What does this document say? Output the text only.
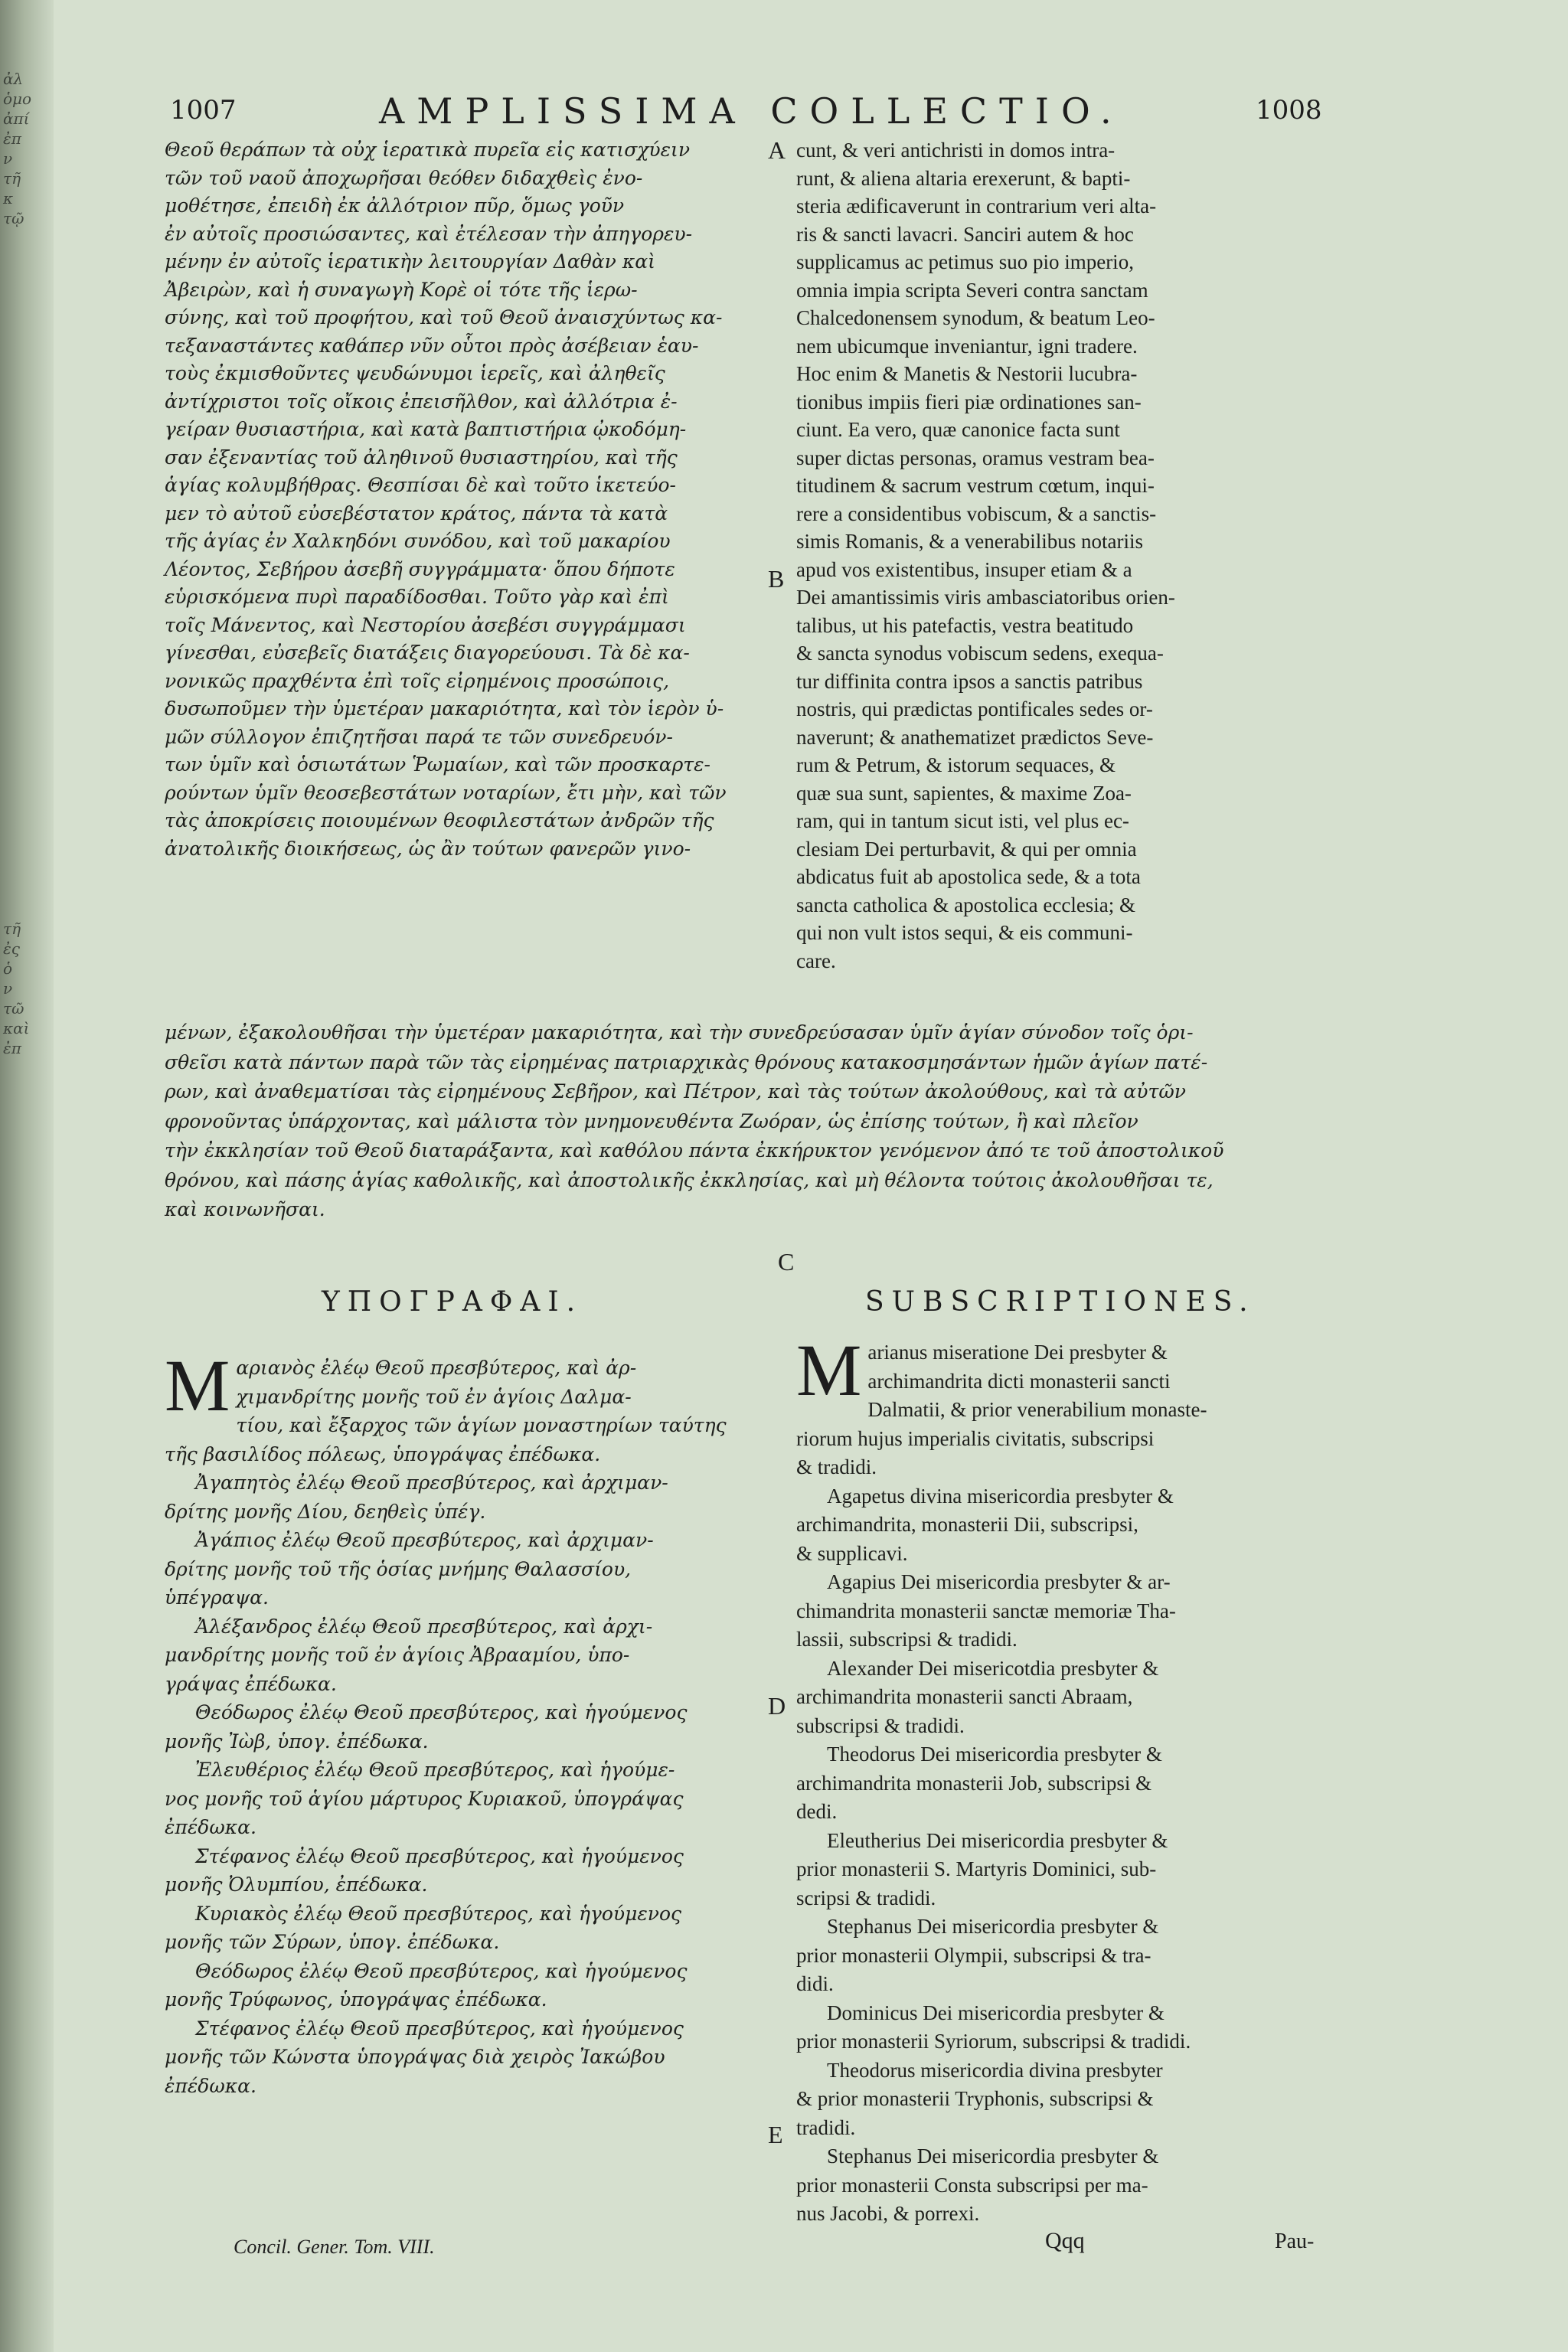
ἀλ
ὁμο
ἀπί
ἐπ
ν
τῆ
κ
τῷ
τῆ
ἐς
ὁ
ν
τῶ
καὶ
ἐπ
1007	AMPLISSIMA COLLECTIO.	1008
Θεοῦ θεράπων τὰ οὐχ ἱερατικὰ πυρεῖα εἰς κατισχύειν
τῶν τοῦ ναοῦ ἀποχωρῆσαι θεόθεν διδαχθεὶς ἐνο-
μοθέτησε, ἐπειδὴ ἐκ ἀλλότριον πῦρ, ὅμως γοῦν
ἐν αὐτοῖς προσιώσαντες, καὶ ἐτέλεσαν τὴν ἀπηγορευ-
μένην ἐν αὐτοῖς ἱερατικὴν λειτουργίαν Δαθὰν καὶ
Ἀβειρὼν, καὶ ἡ συναγωγὴ Κορὲ οἱ τότε τῆς ἱερω-
σύνης, καὶ τοῦ προφήτου, καὶ τοῦ Θεοῦ ἀναισχύντως κα-
τεξαναστάντες καθάπερ νῦν οὗτοι πρὸς ἀσέβειαν ἑαυ-
τοὺς ἐκμισθοῦντες ψευδώνυμοι ἱερεῖς, καὶ ἀληθεῖς
ἀντίχριστοι τοῖς οἴκοις ἐπεισῆλθον, καὶ ἀλλότρια ἐ-
γείραν θυσιαστήρια, καὶ κατὰ βαπτιστήρια ᾠκοδόμη-
σαν ἐξεναντίας τοῦ ἀληθινοῦ θυσιαστηρίου, καὶ τῆς
ἁγίας κολυμβήθρας. Θεσπίσαι δὲ καὶ τοῦτο ἱκετεύο-
μεν τὸ αὐτοῦ εὐσεβέστατον κράτος, πάντα τὰ κατὰ
τῆς ἁγίας ἐν Χαλκηδόνι συνόδου, καὶ τοῦ μακαρίου
Λέοντος, Σεβήρου ἀσεβῆ συγγράμματα· ὅπου δήποτε
εὑρισκόμενα πυρὶ παραδίδοσθαι. Τοῦτο γὰρ καὶ ἐπὶ
τοῖς Μάνεντος, καὶ Νεστορίου ἀσεβέσι συγγράμμασι
γίνεσθαι, εὐσεβεῖς διατάξεις διαγορεύουσι. Τὰ δὲ κα-
νονικῶς πραχθέντα ἐπὶ τοῖς εἰρημένοις προσώποις,
δυσωποῦμεν τὴν ὑμετέραν μακαριότητα, καὶ τὸν ἱερὸν ὑ-
μῶν σύλλογον ἐπιζητῆσαι παρά τε τῶν συνεδρευόν-
των ὑμῖν καὶ ὁσιωτάτων Ῥωμαίων, καὶ τῶν προσκαρτε-
ρούντων ὑμῖν θεοσεβεστάτων νοταρίων, ἔτι μὴν, καὶ τῶν
τὰς ἀποκρίσεις ποιουμένων θεοφιλεστάτων ἀνδρῶν τῆς
ἀνατολικῆς διοικήσεως, ὡς ἂν τούτων φανερῶν γινο-
cunt, & veri antichristi in domos intra-
runt, & aliena altaria erexerunt, & bapti-
steria ædificaverunt in contrarium veri alta-
ris & sancti lavacri. Sanciri autem & hoc
supplicamus ac petimus suo pio imperio,
omnia impia scripta Severi contra sanctam
Chalcedonensem synodum, & beatum Leo-
nem ubicumque inveniantur, igni tradere.
Hoc enim & Manetis & Nestorii lucubra-
tionibus impiis fieri piæ ordinationes san-
ciunt. Ea vero, quæ canonice facta sunt
super dictas personas, oramus vestram bea-
titudinem & sacrum vestrum cœtum, inqui-
rere a considentibus vobiscum, & a sanctis-
simis Romanis, & a venerabilibus notariis
apud vos existentibus, insuper etiam & a
Dei amantissimis viris ambasciatoribus orien-
talibus, ut his patefactis, vestra beatitudo
& sancta synodus vobiscum sedens, exequa-
tur diffinita contra ipsos a sanctis patribus
nostris, qui prædictas pontificales sedes or-
naverunt; & anathematizet prædictos Seve-
rum & Petrum, & istorum sequaces, &
quæ sua sunt, sapientes, & maxime Zoa-
ram, qui in tantum sicut isti, vel plus ec-
clesiam Dei perturbavit, & qui per omnia
abdicatus fuit ab apostolica sede, & a tota
sancta catholica & apostolica ecclesia; &
qui non vult istos sequi, & eis communi-
care.
A
B
C
D
E
μένων, ἐξακολουθῆσαι τὴν ὑμετέραν μακαριότητα, καὶ τὴν συνεδρεύσασαν ὑμῖν ἁγίαν σύνοδον τοῖς ὁρι-
σθεῖσι κατὰ πάντων παρὰ τῶν τὰς εἰρημένας πατριαρχικὰς θρόνους κατακοσμησάντων ἡμῶν ἁγίων πατέ-
ρων, καὶ ἀναθεματίσαι τὰς εἰρημένους Σεβῆρον, καὶ Πέτρον, καὶ τὰς τούτων ἀκολούθους, καὶ τὰ αὐτῶν
φρονοῦντας ὑπάρχοντας, καὶ μάλιστα τὸν μνημονευθέντα Ζωόραν, ὡς ἐπίσης τούτων, ἢ καὶ πλεῖον
τὴν ἐκκλησίαν τοῦ Θεοῦ διαταράξαντα, καὶ καθόλου πάντα ἐκκήρυκτον γενόμενον ἀπό τε τοῦ ἀποστολικοῦ
θρόνου, καὶ πάσης ἁγίας καθολικῆς, καὶ ἀποστολικῆς ἐκκλησίας, καὶ μὴ θέλοντα τούτοις ἀκολουθῆσαι τε,
καὶ κοινωνῆσαι.
ΥΠΟΓΡΑΦΑΙ.	SUBSCRIPTIONES.
Μ αριανὸς ἐλέῳ Θεοῦ πρεσβύτερος, καὶ ἀρ-

χιμανδρίτης μονῆς τοῦ ἐν ἁγίοις Δαλμα-

τίου, καὶ ἔξαρχος τῶν ἁγίων μοναστηρίων ταύτης

τῆς βασιλίδος πόλεως, ὑπογράψας ἐπέδωκα.

Ἀγαπητὸς ἐλέῳ Θεοῦ πρεσβύτερος, καὶ ἀρχιμαν-

δρίτης μονῆς Δίου, δεηθεὶς ὑπέγ.

Ἀγάπιος ἐλέῳ Θεοῦ πρεσβύτερος, καὶ ἀρχιμαν-

δρίτης μονῆς τοῦ τῆς ὁσίας μνήμης Θαλασσίου,

ὑπέγραψα.

Ἀλέξανδρος ἐλέῳ Θεοῦ πρεσβύτερος, καὶ ἀρχι-

μανδρίτης μονῆς τοῦ ἐν ἁγίοις Ἀβρααμίου, ὑπο-

γράψας ἐπέδωκα.

Θεόδωρος ἐλέῳ Θεοῦ πρεσβύτερος, καὶ ἡγούμενος

μονῆς Ἰὼβ, ὑπογ. ἐπέδωκα.

Ἐλευθέριος ἐλέῳ Θεοῦ πρεσβύτερος, καὶ ἡγούμε-

νος μονῆς τοῦ ἁγίου μάρτυρος Κυριακοῦ, ὑπογράψας

ἐπέδωκα.

Στέφανος ἐλέῳ Θεοῦ πρεσβύτερος, καὶ ἡγούμενος

μονῆς Ὀλυμπίου, ἐπέδωκα.

Κυριακὸς ἐλέῳ Θεοῦ πρεσβύτερος, καὶ ἡγούμενος

μονῆς τῶν Σύρων, ὑπογ. ἐπέδωκα.

Θεόδωρος ἐλέῳ Θεοῦ πρεσβύτερος, καὶ ἡγούμενος

μονῆς Τρύφωνος, ὑπογράψας ἐπέδωκα.

Στέφανος ἐλέῳ Θεοῦ πρεσβύτερος, καὶ ἡγούμενος

μονῆς τῶν Κώνστα ὑπογράψας διὰ χειρὸς Ἰακώβου

ἐπέδωκα.

M arianus miseratione Dei presbyter &

archimandrita dicti monasterii sancti

Dalmatii, & prior venerabilium monaste-

riorum hujus imperialis civitatis, subscripsi

& tradidi.

Agapetus divina misericordia presbyter &

archimandrita, monasterii Dii, subscripsi,

& supplicavi.

Agapius Dei misericordia presbyter & ar-

chimandrita monasterii sanctæ memoriæ Tha-

lassii, subscripsi & tradidi.

Alexander Dei misericotdia presbyter &

archimandrita monasterii sancti Abraam,

subscripsi & tradidi.

Theodorus Dei misericordia presbyter &

archimandrita monasterii Job, subscripsi &

dedi.

Eleutherius Dei misericordia presbyter &

prior monasterii S. Martyris Dominici, sub-

scripsi & tradidi.

Stephanus Dei misericordia presbyter &

prior monasterii Olympii, subscripsi & tra-

didi.

Dominicus Dei misericordia presbyter &

prior monasterii Syriorum, subscripsi & tradidi.

Theodorus misericordia divina presbyter

& prior monasterii Tryphonis, subscripsi &

tradidi.

Stephanus Dei misericordia presbyter &

prior monasterii Consta subscripsi per ma-

nus Jacobi, & porrexi.

Concil. Gener. Tom. VIII.	Qqq	Pau-
